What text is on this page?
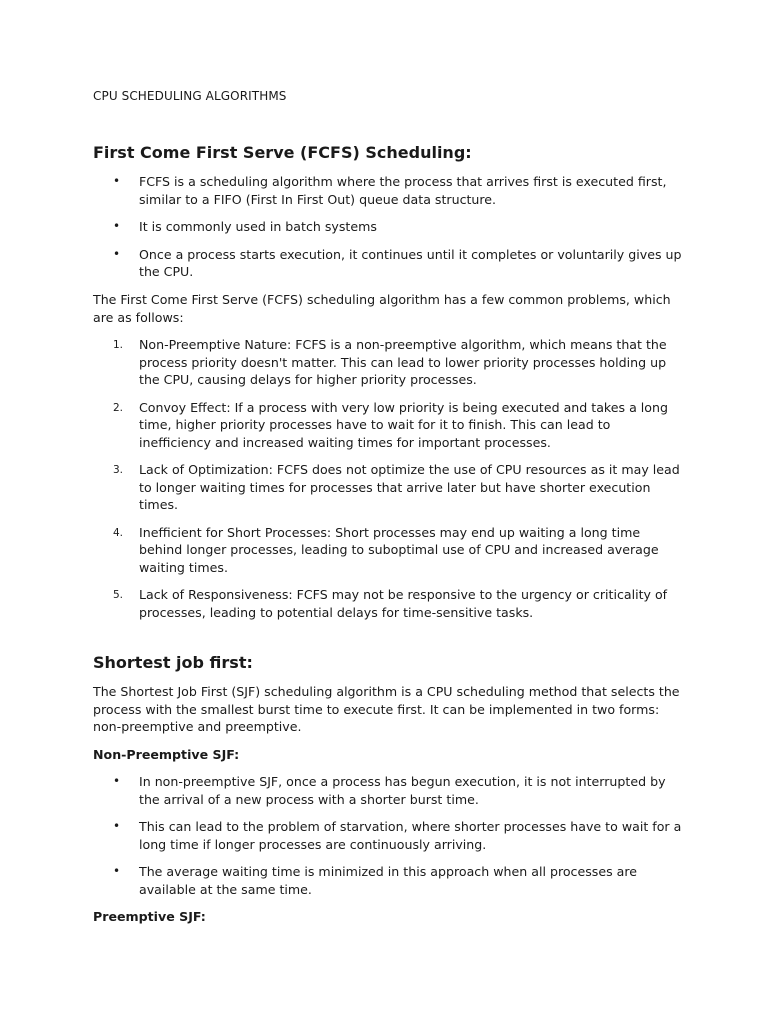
CPU SCHEDULING ALGORITHMS
First Come First Serve (FCFS) Scheduling:
• FCFS is a scheduling algorithm where the process that arrives first is executed first, similar to a FIFO (First In First Out) queue data structure.
• It is commonly used in batch systems
• Once a process starts execution, it continues until it completes or voluntarily gives up the CPU.

The First Come First Serve (FCFS) scheduling algorithm has a few common problems, which are as follows:

1. Non-Preemptive Nature: FCFS is a non-preemptive algorithm, which means that the process priority doesn't matter. This can lead to lower priority processes holding up the CPU, causing delays for higher priority processes.
2. Convoy Effect: If a process with very low priority is being executed and takes a long time, higher priority processes have to wait for it to finish. This can lead to inefficiency and increased waiting times for important processes.
3. Lack of Optimization: FCFS does not optimize the use of CPU resources as it may lead to longer waiting times for processes that arrive later but have shorter execution times.
4. Inefficient for Short Processes: Short processes may end up waiting a long time behind longer processes, leading to suboptimal use of CPU and increased average waiting times.
5. Lack of Responsiveness: FCFS may not be responsive to the urgency or criticality of processes, leading to potential delays for time-sensitive tasks.
Shortest job first:

The Shortest Job First (SJF) scheduling algorithm is a CPU scheduling method that selects the process with the smallest burst time to execute first. It can be implemented in two forms: non-preemptive and preemptive.

Non-Preemptive SJF:
• In non-preemptive SJF, once a process has begun execution, it is not interrupted by the arrival of a new process with a shorter burst time.
• This can lead to the problem of starvation, where shorter processes have to wait for a long time if longer processes are continuously arriving.
• The average waiting time is minimized in this approach when all processes are available at the same time.
Preemptive SJF:
